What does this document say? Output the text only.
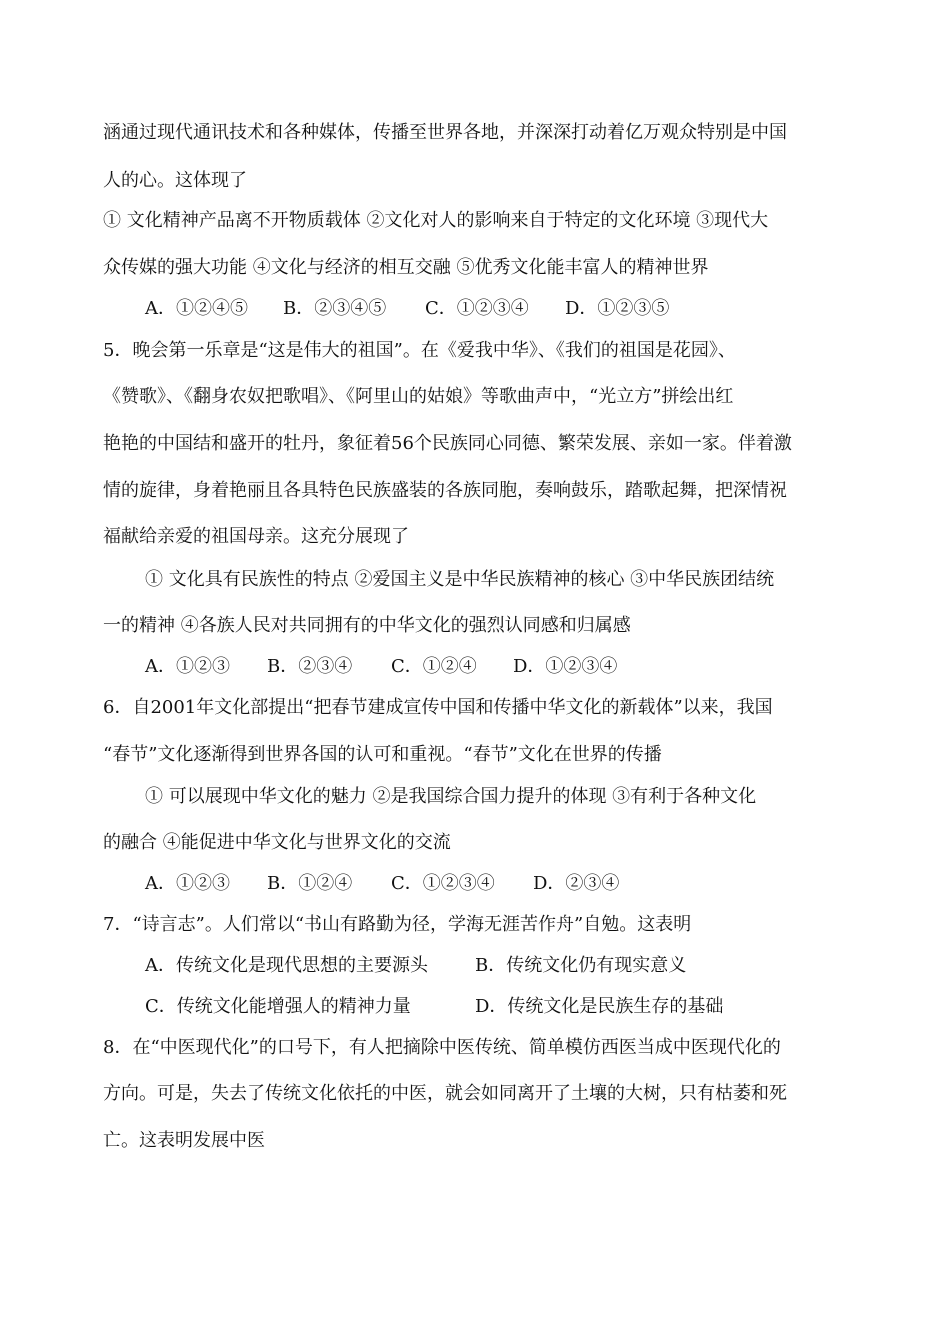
涵通过现代通讯技术和各种媒体，传播至世界各地，并深深打动着亿万观众特别是中国
人的心。这体现了
① 文化精神产品离不开物质载体 ②文化对人的影响来自于特定的文化环境 ③现代大
众传媒的强大功能 ④文化与经济的相互交融 ⑤优秀文化能丰富人的精神世界
A．①②④⑤ B．②③④⑤ C．①②③④ D．①②③⑤
5．晚会第一乐章是“这是伟大的祖国”。在《爱我中华》、《我们的祖国是花园》、
《赞歌》、《翻身农奴把歌唱》、《阿里山的姑娘》等歌曲声中，“光立方”拼绘出红
艳艳的中国结和盛开的牡丹，象征着56个民族同心同德、繁荣发展、亲如一家。伴着激
情的旋律，身着艳丽且各具特色民族盛装的各族同胞，奏响鼓乐，踏歌起舞，把深情祝
福献给亲爱的祖国母亲。这充分展现了
① 文化具有民族性的特点 ②爱国主义是中华民族精神的核心 ③中华民族团结统
一的精神 ④各族人民对共同拥有的中华文化的强烈认同感和归属感
A．①②③ B．②③④ C．①②④ D．①②③④
6．自2001年文化部提出“把春节建成宣传中国和传播中华文化的新载体”以来，我国
“春节”文化逐渐得到世界各国的认可和重视。“春节”文化在世界的传播
① 可以展现中华文化的魅力 ②是我国综合国力提升的体现 ③有利于各种文化
的融合 ④能促进中华文化与世界文化的交流
A．①②③ B．①②④ C．①②③④ D．②③④
7．“诗言志”。人们常以“书山有路勤为径，学海无涯苦作舟”自勉。这表明
A．传统文化是现代思想的主要源头	B．传统文化仍有现实意义
C．传统文化能增强人的精神力量	D．传统文化是民族生存的基础
8．在“中医现代化”的口号下，有人把摘除中医传统、简单模仿西医当成中医现代化的
方向。可是，失去了传统文化依托的中医，就会如同离开了土壤的大树，只有枯萎和死
亡。这表明发展中医
